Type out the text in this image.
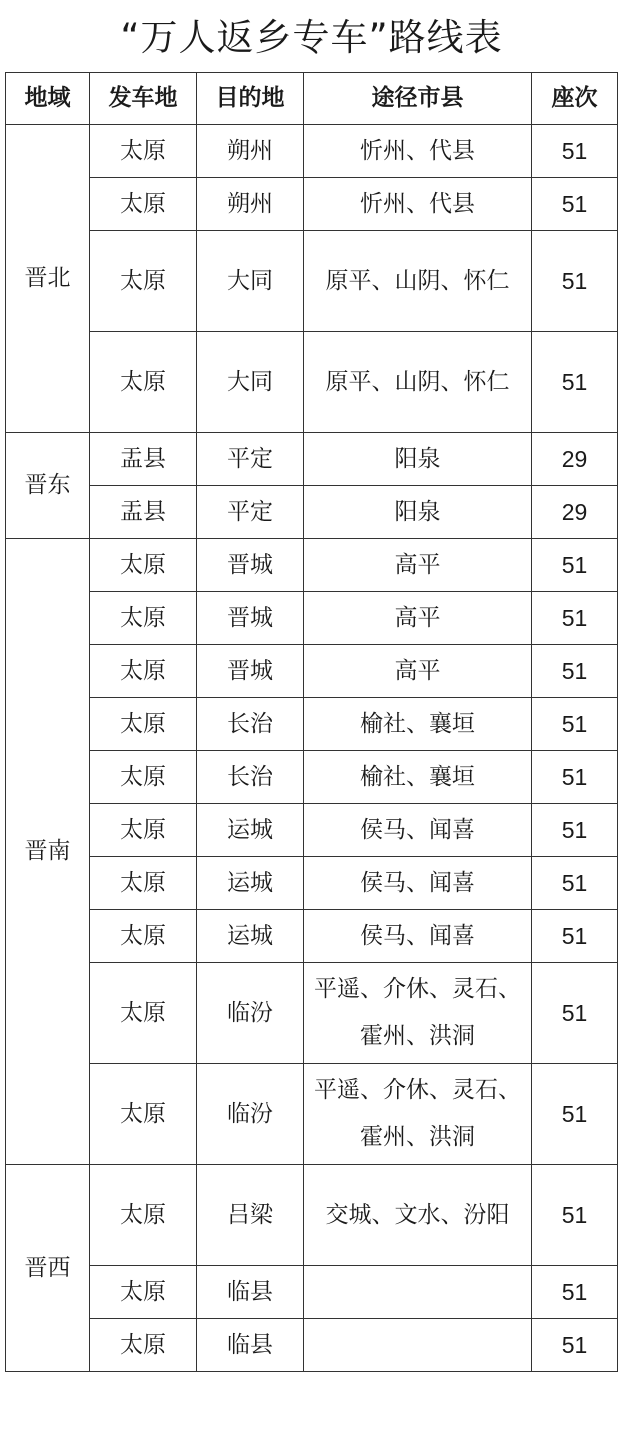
“万人返乡专车”路线表
地域	发车地	目的地	途径市县	座次
晋北	太原	朔州	忻州、代县	51
	太原	朔州	忻州、代县	51
	太原	大同	原平、山阴、怀仁	51
	太原	大同	原平、山阴、怀仁	51
晋东	盂县	平定	阳泉	29
	盂县	平定	阳泉	29
晋南	太原	晋城	高平	51
	太原	晋城	高平	51
	太原	晋城	高平	51
	太原	长治	榆社、襄垣	51
	太原	长治	榆社、襄垣	51
	太原	运城	侯马、闻喜	51
	太原	运城	侯马、闻喜	51
	太原	运城	侯马、闻喜	51
	太原	临汾	平遥、介休、灵石、霍州、洪洞	51
	太原	临汾	平遥、介休、灵石、霍州、洪洞	51
晋西	太原	吕梁	交城、文水、汾阳	51
	太原	临县		51
	太原	临县		51
